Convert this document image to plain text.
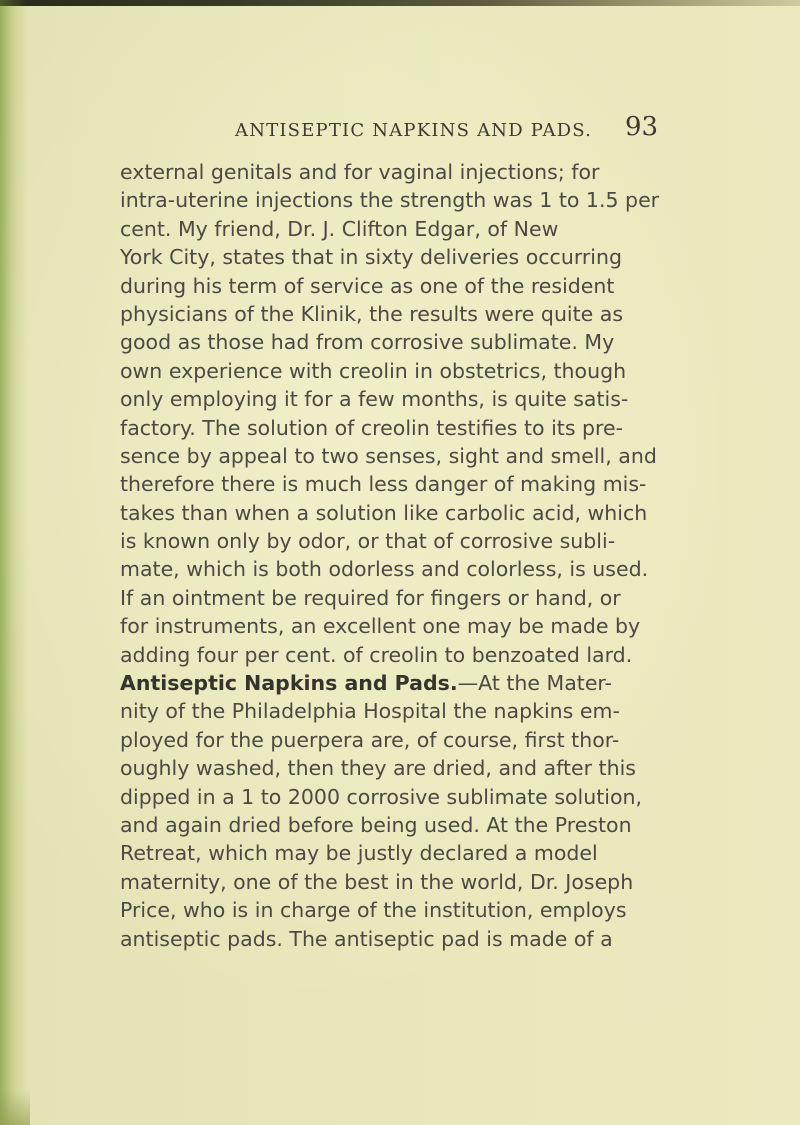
ANTISEPTIC NAPKINS AND PADS. 93
external genitals and for vaginal injections; for
intra-uterine injections the strength was 1 to 1.5 per
cent. My friend, Dr. J. Clifton Edgar, of New
York City, states that in sixty deliveries occurring
during his term of service as one of the resident
physicians of the Klinik, the results were quite as
good as those had from corrosive sublimate. My
own experience with creolin in obstetrics, though
only employing it for a few months, is quite satis-
factory. The solution of creolin testifies to its pre-
sence by appeal to two senses, sight and smell, and
therefore there is much less danger of making mis-
takes than when a solution like carbolic acid, which
is known only by odor, or that of corrosive subli-
mate, which is both odorless and colorless, is used.
If an ointment be required for fingers or hand, or
for instruments, an excellent one may be made by
adding four per cent. of creolin to benzoated lard.
Antiseptic Napkins and Pads.—At the Mater-
nity of the Philadelphia Hospital the napkins em-
ployed for the puerpera are, of course, first thor-
oughly washed, then they are dried, and after this
dipped in a 1 to 2000 corrosive sublimate solution,
and again dried before being used. At the Preston
Retreat, which may be justly declared a model
maternity, one of the best in the world, Dr. Joseph
Price, who is in charge of the institution, employs
antiseptic pads. The antiseptic pad is made of a
